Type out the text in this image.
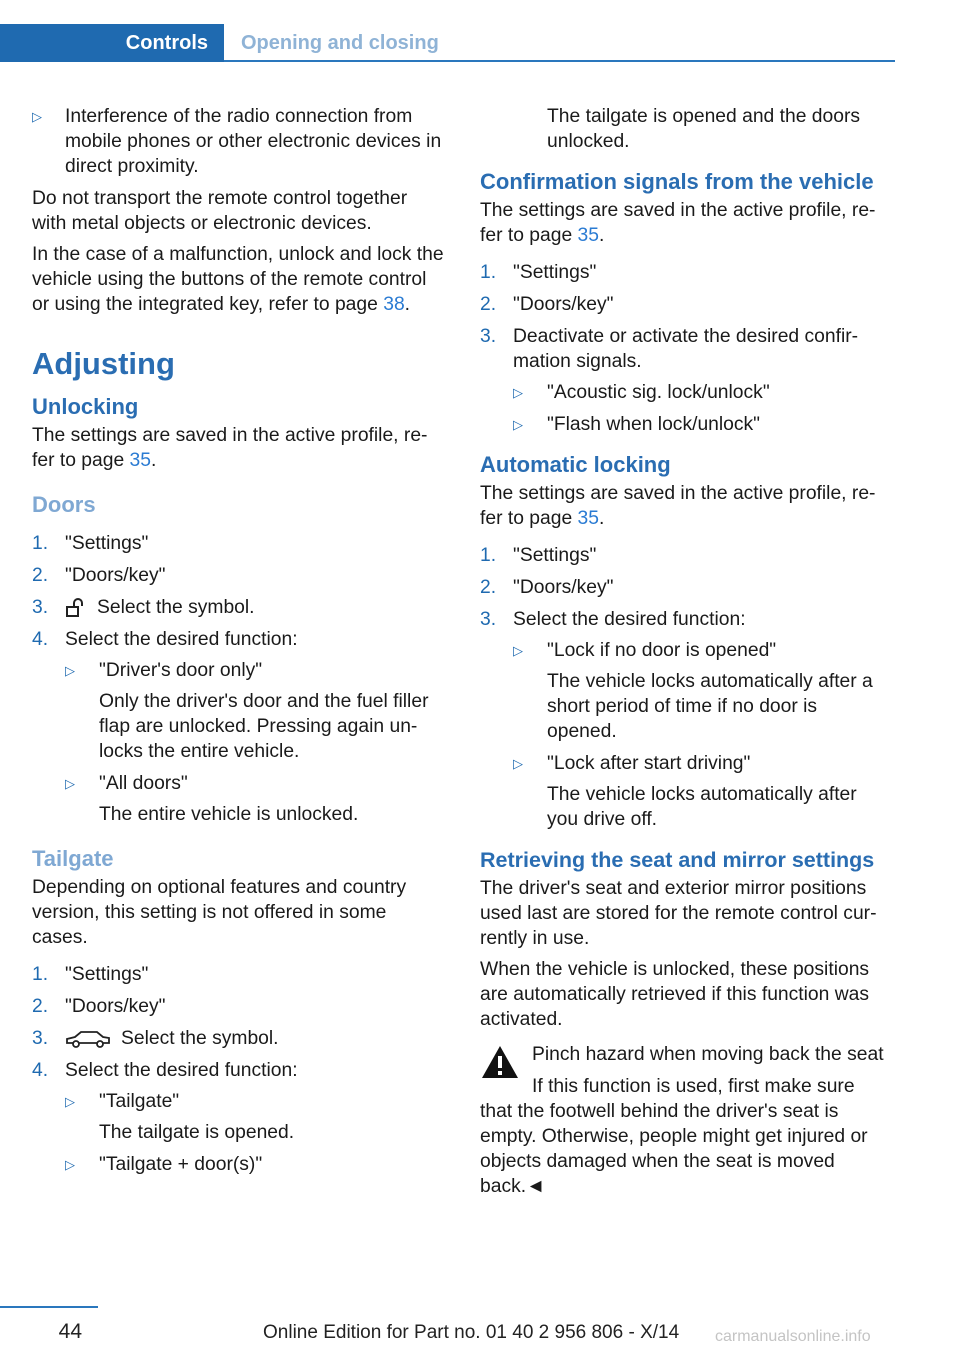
Controls	Opening and closing
▷ Interference of the radio connection from mobile phones or other electronic devices in direct proximity.

Do not transport the remote control together with metal objects or electronic devices.

In the case of a malfunction, unlock and lock the vehicle using the buttons of the remote control or using the integrated key, refer to page 38.

Adjusting
Unlocking

The settings are saved in the active profile, re‐fer to page 35.

Doors
1. "Settings"
2. "Doors/key"
3.	Select the symbol.
4. Select the desired function:
▷ "Driver's door only"
Only the driver's door and the fuel filler flap are unlocked. Pressing again un‐locks the entire vehicle.
▷ "All doors"
The entire vehicle is unlocked.
Tailgate

Depending on optional features and country version, this setting is not offered in some cases.

1. "Settings"
2. "Doors/key"
3.	Select the symbol.
4. Select the desired function:
▷ "Tailgate"
The tailgate is opened.
▷ "Tailgate + door(s)"
The tailgate is opened and the doors unlocked.
Confirmation signals from the vehicle

The settings are saved in the active profile, re‐fer to page 35.

1. "Settings"
2. "Doors/key"
3. Deactivate or activate the desired confir‐mation signals.
▷ "Acoustic sig. lock/unlock"
▷ "Flash when lock/unlock"
Automatic locking

The settings are saved in the active profile, re‐fer to page 35.

1. "Settings"
2. "Doors/key"
3. Select the desired function:
▷ "Lock if no door is opened"
The vehicle locks automatically after a short period of time if no door is opened.
▷ "Lock after start driving"
The vehicle locks automatically after you drive off.
Retrieving the seat and mirror settings

The driver's seat and exterior mirror positions used last are stored for the remote control cur‐rently in use.

When the vehicle is unlocked, these positions are automatically retrieved if this function was activated.

Pinch hazard when moving back the seat
If this function is used, first make sure that the footwell behind the driver's seat is empty. Otherwise, people might get injured or objects damaged when the seat is moved back.◄
44	Online Edition for Part no. 01 40 2 956 806 - X/14 carmanualsonline.info
